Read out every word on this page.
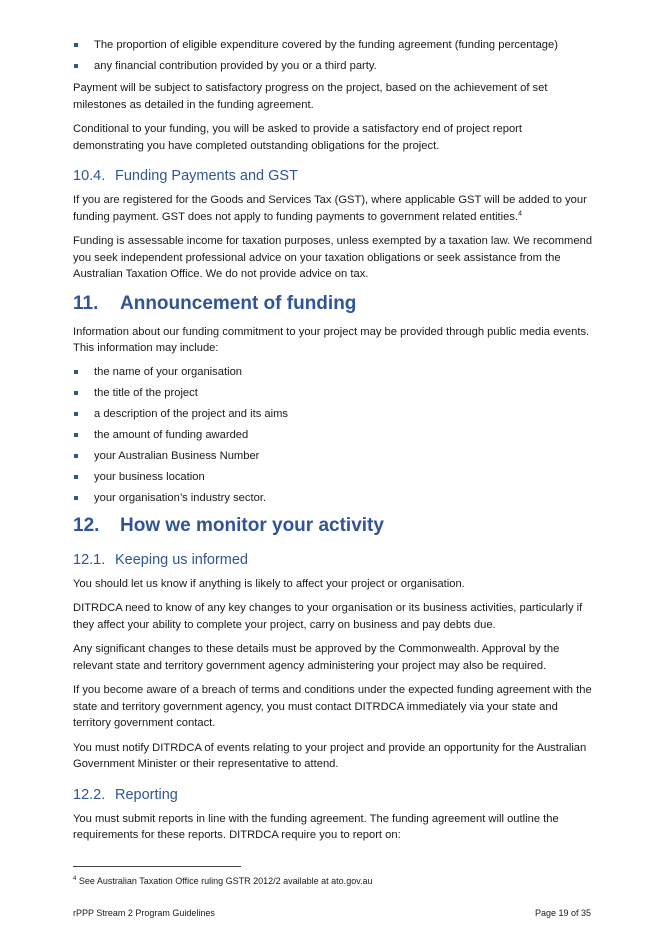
The proportion of eligible expenditure covered by the funding agreement (funding percentage)
any financial contribution provided by you or a third party.

Payment will be subject to satisfactory progress on the project, based on the achievement of set milestones as detailed in the funding agreement.

Conditional to your funding, you will be asked to provide a satisfactory end of project report demonstrating you have completed outstanding obligations for the project.

10.4. Funding Payments and GST

If you are registered for the Goods and Services Tax (GST), where applicable GST will be added to your funding payment. GST does not apply to funding payments to government related entities.$^4$

Funding is assessable income for taxation purposes, unless exempted by a taxation law. We recommend you seek independent professional advice on your taxation obligations or seek assistance from the Australian Taxation Office. We do not provide advice on tax.

11. Announcement of funding

Information about our funding commitment to your project may be provided through public media events. This information may include:

the name of your organisation
the title of the project
a description of the project and its aims
the amount of funding awarded
your Australian Business Number
your business location
your organisation’s industry sector.
12. How we monitor your activity
12.1. Keeping us informed

You should let us know if anything is likely to affect your project or organisation.

DITRDCA need to know of any key changes to your organisation or its business activities, particularly if they affect your ability to complete your project, carry on business and pay debts due.

Any significant changes to these details must be approved by the Commonwealth. Approval by the relevant state and territory government agency administering your project may also be required.

If you become aware of a breach of terms and conditions under the expected funding agreement with the state and territory government agency, you must contact DITRDCA immediately via your state and territory government contact.

You must notify DITRDCA of events relating to your project and provide an opportunity for the Australian Government Minister or their representative to attend.

12.2. Reporting

You must submit reports in line with the funding agreement. The funding agreement will outline the requirements for these reports. DITRDCA require you to report on:

$^4$ See Australian Taxation Office ruling GSTR 2012/2 available at ato.gov.au
rPPP Stream 2 Program Guidelines	Page 19 of 35
